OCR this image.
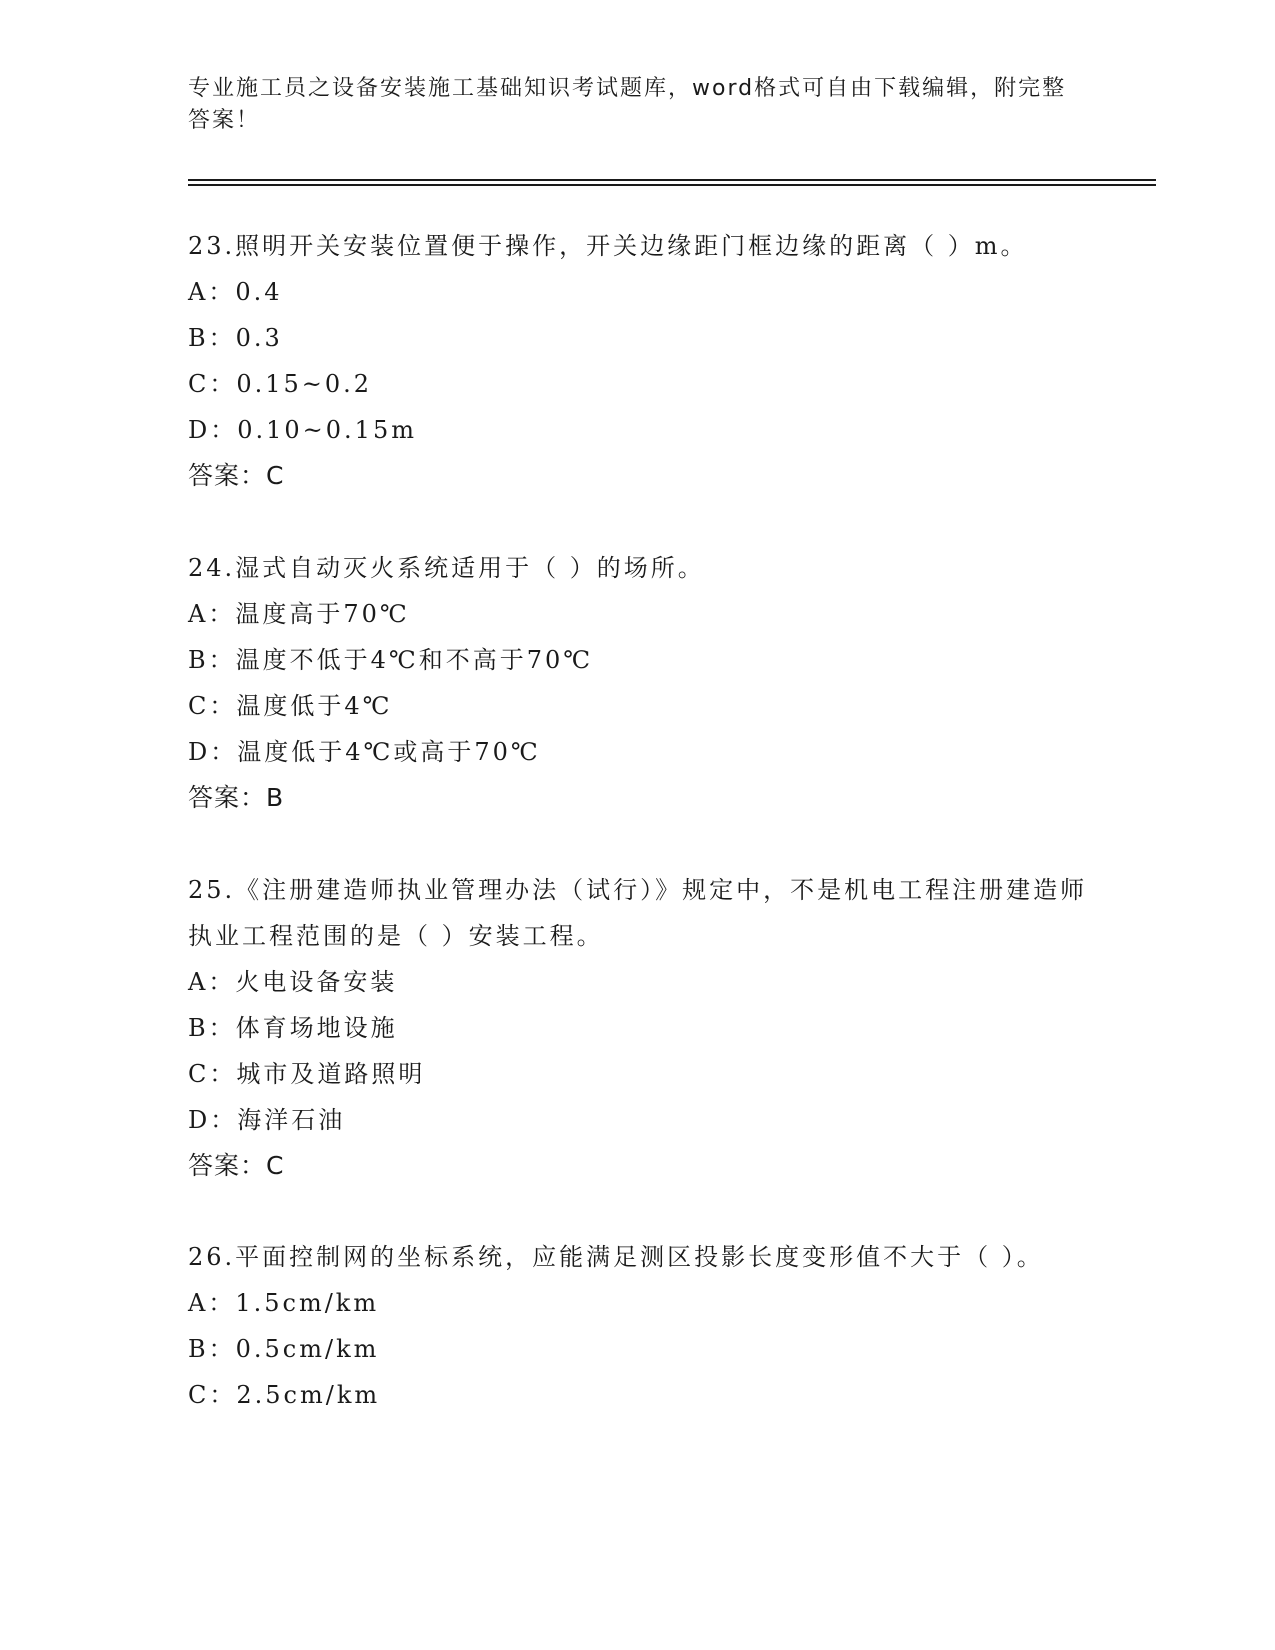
专业施工员之设备安装施工基础知识考试题库，word格式可自由下载编辑，附完整答案！

23.照明开关安装位置便于操作，开关边缘距门框边缘的距离（ ）m。

A：0.4

B：0.3

C：0.15~0.2

D：0.10~0.15m

答案：C

24.湿式自动灭火系统适用于（ ）的场所。

A：温度高于70℃

B：温度不低于4℃和不高于70℃

C：温度低于4℃

D：温度低于4℃或高于70℃

答案：B

25.《注册建造师执业管理办法（试行）》规定中，不是机电工程注册建造师执业工程范围的是（ ）安装工程。

A：火电设备安装

B：体育场地设施

C：城市及道路照明

D：海洋石油

答案：C

26.平面控制网的坐标系统，应能满足测区投影长度变形值不大于（ ）。

A：1.5cm/km

B：0.5cm/km

C：2.5cm/km
